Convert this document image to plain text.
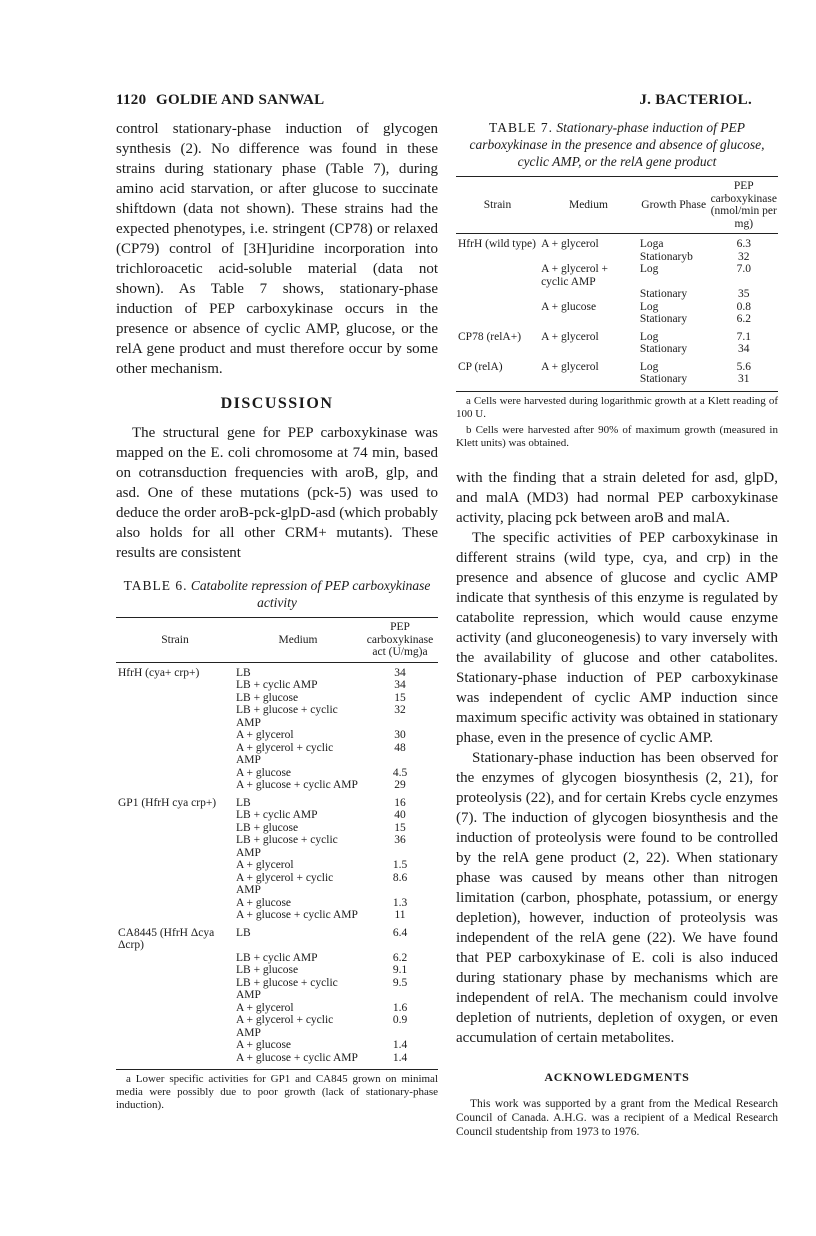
1120 GOLDIE AND SANWAL	J. BACTERIOL.

control stationary-phase induction of glycogen synthesis (2). No difference was found in these strains during stationary phase (Table 7), during amino acid starvation, or after glucose to succinate shiftdown (data not shown). These strains had the expected phenotypes, i.e. stringent (CP78) or relaxed (CP79) control of [3H]uridine incorporation into trichloroacetic acid-soluble material (data not shown). As Table 7 shows, stationary-phase induction of PEP carboxykinase occurs in the presence or absence of cyclic AMP, glucose, or the relA gene product and must therefore occur by some other mechanism.

DISCUSSION

The structural gene for PEP carboxykinase was mapped on the E. coli chromosome at 74 min, based on cotransduction frequencies with aroB, glp, and asd. One of these mutations (pck-5) was used to deduce the order aroB-pck-glpD-asd (which probably also holds for all other CRM+ mutants). These results are consistent

TABLE 6. Catabolite repression of PEP carboxykinase activity
Strain	Medium	PEP carboxykinase act (U/mg)a
HfrH (cya+ crp+)	LB	34
	LB + cyclic AMP	34
	LB + glucose	15
	LB + glucose + cyclic AMP	32
	A + glycerol	30
	A + glycerol + cyclic AMP	48
	A + glucose	4.5
	A + glucose + cyclic AMP	29
GP1 (HfrH cya crp+)	LB	16
	LB + cyclic AMP	40
	LB + glucose	15
	LB + glucose + cyclic AMP	36
	A + glycerol	1.5
	A + glycerol + cyclic AMP	8.6
	A + glucose	1.3
	A + glucose + cyclic AMP	11
CA8445 (HfrH Δcya Δcrp)	LB	6.4
	LB + cyclic AMP	6.2
	LB + glucose	9.1
	LB + glucose + cyclic AMP	9.5
	A + glycerol	1.6
	A + glycerol + cyclic AMP	0.9
	A + glucose	1.4
	A + glucose + cyclic AMP	1.4

a Lower specific activities for GP1 and CA845 grown on minimal media were possibly due to poor growth (lack of stationary-phase induction).

TABLE 7. Stationary-phase induction of PEP carboxykinase in the presence and absence of glucose, cyclic AMP, or the relA gene product
Strain	Medium	Growth Phase	PEP carboxykinase (nmol/min per mg)
HfrH (wild type)	A + glycerol	Loga	6.3
		Stationaryb	32
	A + glycerol + cyclic AMP	Log	7.0
		Stationary	35
	A + glucose	Log	0.8
		Stationary	6.2
CP78 (relA+)	A + glycerol	Log	7.1
		Stationary	34
CP (relA)	A + glycerol	Log	5.6
		Stationary	31

a Cells were harvested during logarithmic growth at a Klett reading of 100 U.

b Cells were harvested after 90% of maximum growth (measured in Klett units) was obtained.

with the finding that a strain deleted for asd, glpD, and malA (MD3) had normal PEP carboxykinase activity, placing pck between aroB and malA.

The specific activities of PEP carboxykinase in different strains (wild type, cya, and crp) in the presence and absence of glucose and cyclic AMP indicate that synthesis of this enzyme is regulated by catabolite repression, which would cause enzyme activity (and gluconeogenesis) to vary inversely with the availability of glucose and other catabolites. Stationary-phase induction of PEP carboxykinase was independent of cyclic AMP induction since maximum specific activity was obtained in stationary phase, even in the presence of cyclic AMP.

Stationary-phase induction has been observed for the enzymes of glycogen biosynthesis (2, 21), for proteolysis (22), and for certain Krebs cycle enzymes (7). The induction of glycogen biosynthesis and the induction of proteolysis were found to be controlled by the relA gene product (2, 22). When stationary phase was caused by means other than nitrogen limitation (carbon, phosphate, potassium, or energy depletion), however, induction of proteolysis was independent of the relA gene (22). We have found that PEP carboxykinase of E. coli is also induced during stationary phase by mechanisms which are independent of relA. The mechanism could involve depletion of nutrients, depletion of oxygen, or even accumulation of certain metabolites.

ACKNOWLEDGMENTS

This work was supported by a grant from the Medical Research Council of Canada. A.H.G. was a recipient of a Medical Research Council studentship from 1973 to 1976.
